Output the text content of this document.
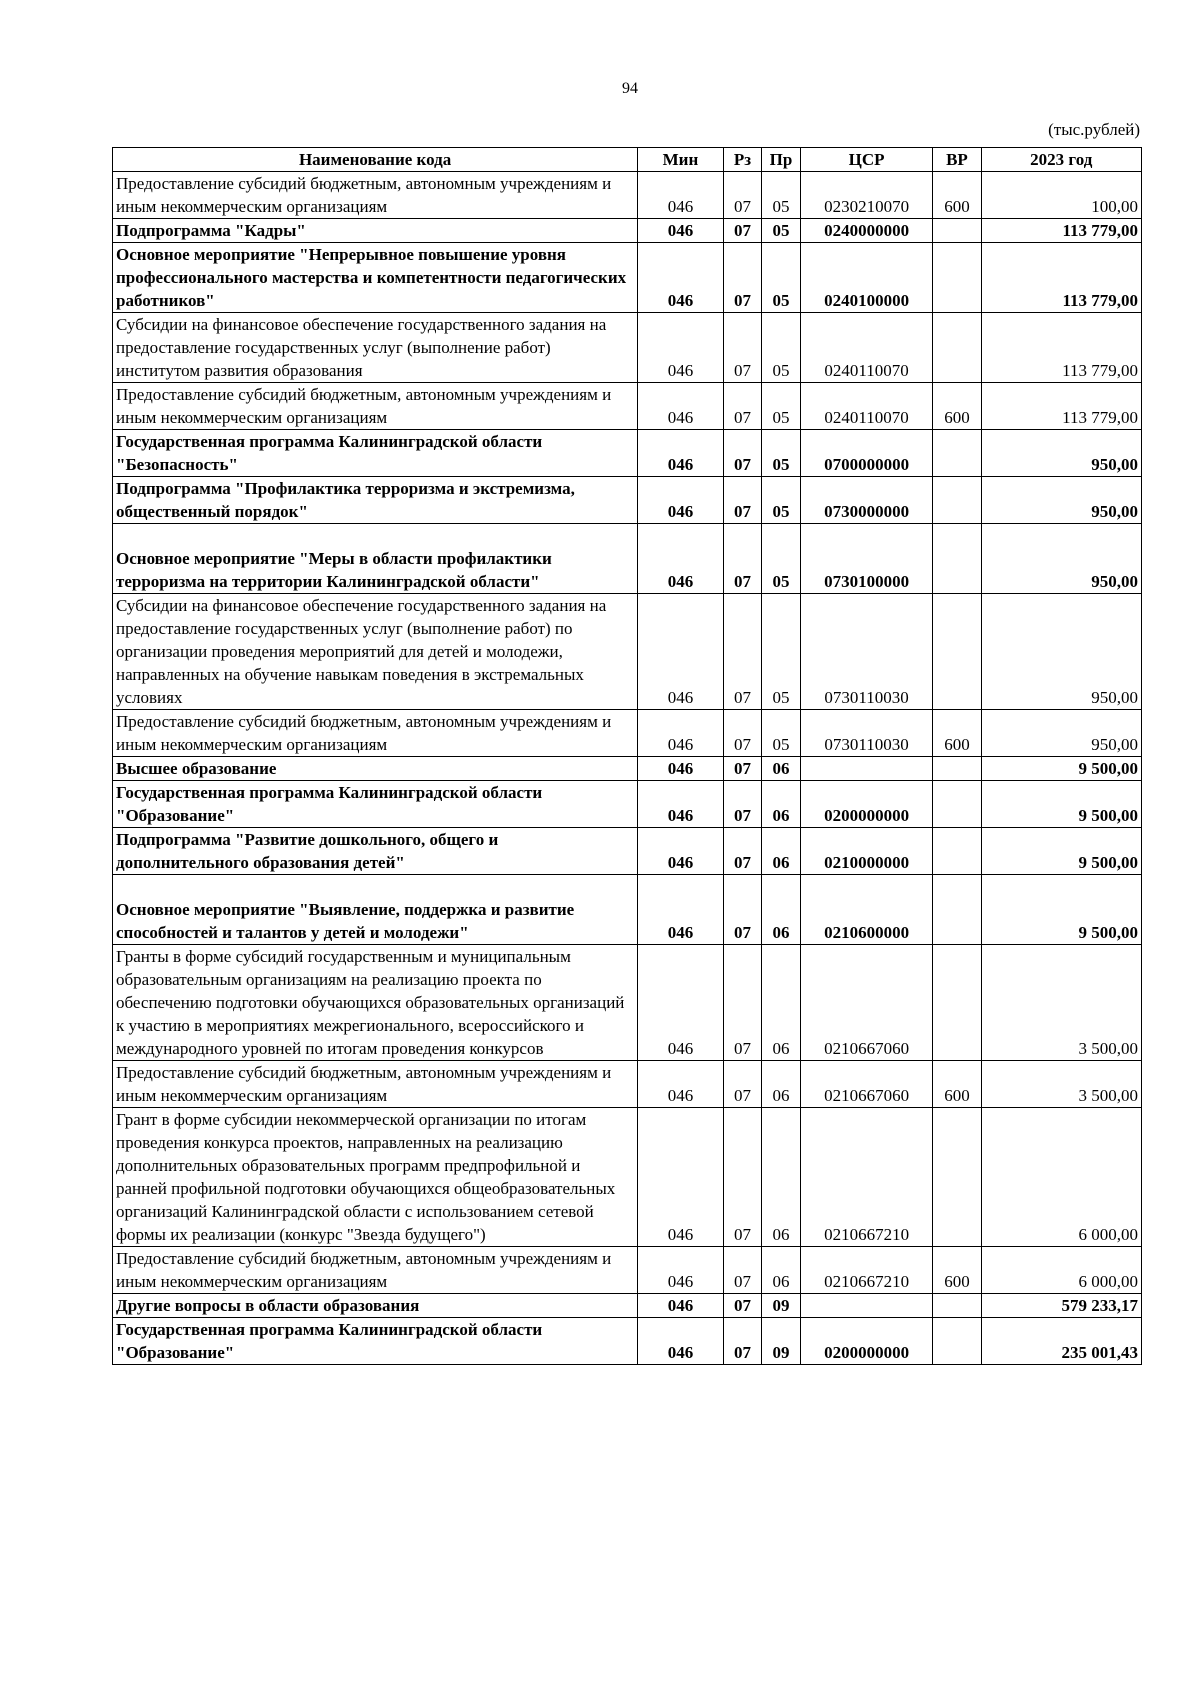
94
(тыс.рублей)
Наименование кода	Мин	Рз	Пр	ЦСР	ВР	2023 год
Предоставление субсидий бюджетным, автономным учреждениям и иным некоммерческим организациям	046	07	05	0230210070	600	100,00
Подпрограмма "Кадры"	046	07	05	0240000000		113 779,00
Основное мероприятие "Непрерывное повышение уровня профессионального мастерства и компетентности педагогических работников"	046	07	05	0240100000		113 779,00
Субсидии на финансовое обеспечение государственного задания на предоставление государственных услуг (выполнение работ) институтом развития образования	046	07	05	0240110070		113 779,00
Предоставление субсидий бюджетным, автономным учреждениям и иным некоммерческим организациям	046	07	05	0240110070	600	113 779,00
Государственная программа Калининградской области "Безопасность"	046	07	05	0700000000		950,00
Подпрограмма "Профилактика терроризма и экстремизма, общественный порядок"	046	07	05	0730000000		950,00
Основное мероприятие "Меры в области профилактики терроризма на территории Калининградской области"	046	07	05	0730100000		950,00
Субсидии на финансовое обеспечение государственного задания на предоставление государственных услуг (выполнение работ) по организации проведения мероприятий для детей и молодежи, направленных на обучение навыкам поведения в экстремальных условиях	046	07	05	0730110030		950,00
Предоставление субсидий бюджетным, автономным учреждениям и иным некоммерческим организациям	046	07	05	0730110030	600	950,00
Высшее образование	046	07	06			9 500,00
Государственная программа Калининградской области "Образование"	046	07	06	0200000000		9 500,00
Подпрограмма "Развитие дошкольного, общего и дополнительного образования детей"	046	07	06	0210000000		9 500,00
Основное мероприятие "Выявление, поддержка и развитие способностей и талантов у детей и молодежи"	046	07	06	0210600000		9 500,00
Гранты в форме субсидий государственным и муниципальным образовательным организациям на реализацию проекта по обеспечению подготовки обучающихся образовательных организаций к участию в мероприятиях межрегионального, всероссийского и международного уровней по итогам проведения конкурсов	046	07	06	0210667060		3 500,00
Предоставление субсидий бюджетным, автономным учреждениям и иным некоммерческим организациям	046	07	06	0210667060	600	3 500,00
Грант в форме субсидии некоммерческой организации по итогам проведения конкурса проектов, направленных на реализацию дополнительных образовательных программ предпрофильной и ранней профильной подготовки обучающихся общеобразовательных организаций Калининградской области с использованием сетевой формы их реализации (конкурс "Звезда будущего")	046	07	06	0210667210		6 000,00
Предоставление субсидий бюджетным, автономным учреждениям и иным некоммерческим организациям	046	07	06	0210667210	600	6 000,00
Другие вопросы в области образования	046	07	09			579 233,17
Государственная программа Калининградской области "Образование"	046	07	09	0200000000		235 001,43
